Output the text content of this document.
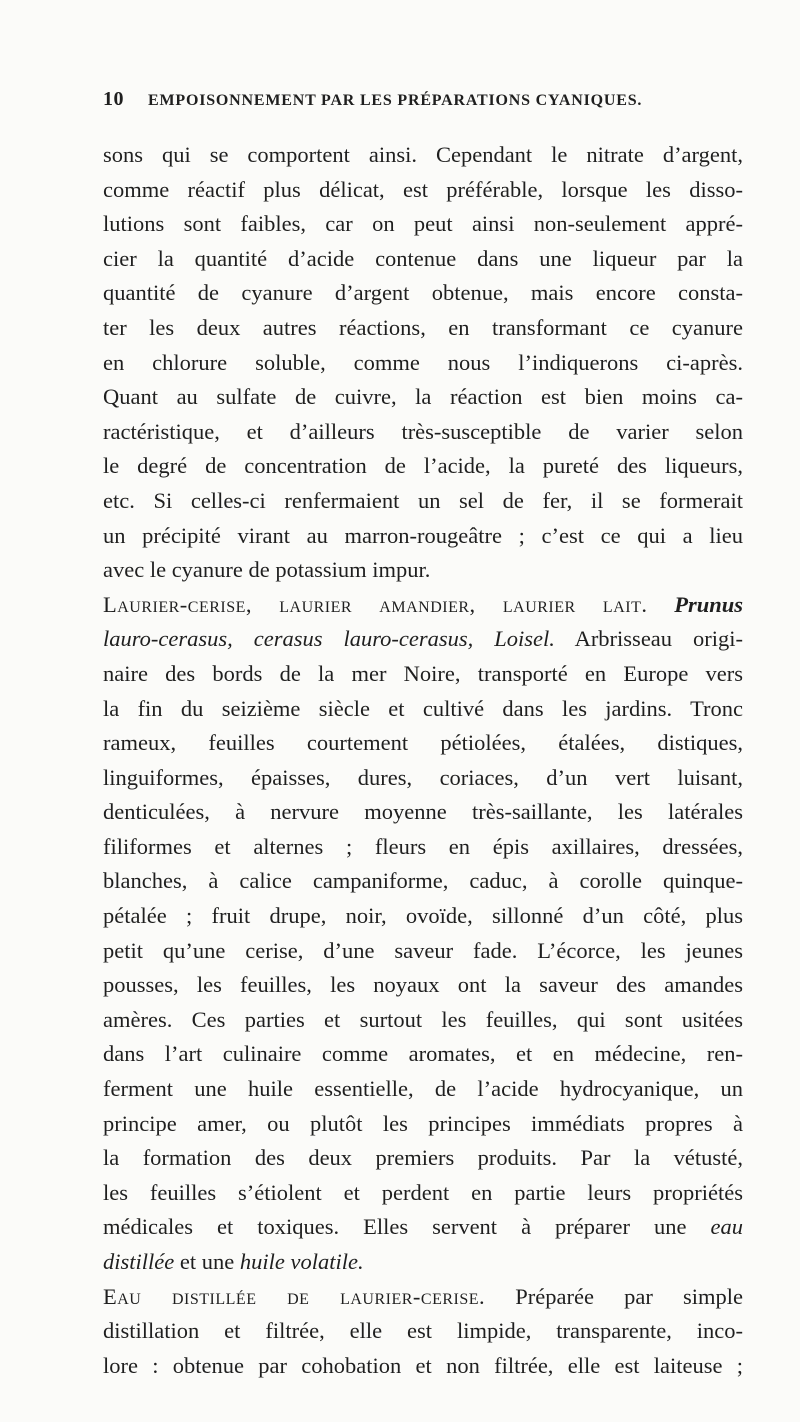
10 EMPOISONNEMENT PAR LES PRÉPARATIONS CYANIQUES.
sons qui se comportent ainsi. Cependant le nitrate d’argent,
comme réactif plus délicat, est préférable, lorsque les disso-
lutions sont faibles, car on peut ainsi non-seulement appré-
cier la quantité d’acide contenue dans une liqueur par la
quantité de cyanure d’argent obtenue, mais encore consta-
ter les deux autres réactions, en transformant ce cyanure
en chlorure soluble, comme nous l’indiquerons ci-après.
Quant au sulfate de cuivre, la réaction est bien moins ca-
ractéristique, et d’ailleurs très-susceptible de varier selon
le degré de concentration de l’acide, la pureté des liqueurs,
etc. Si celles-ci renfermaient un sel de fer, il se formerait
un précipité virant au marron-rougeâtre ; c’est ce qui a lieu
avec le cyanure de potassium impur.
Laurier-cerise, laurier amandier, laurier lait. Prunus
lauro-cerasus, cerasus lauro-cerasus, Loisel. Arbrisseau origi-
naire des bords de la mer Noire, transporté en Europe vers
la fin du seizième siècle et cultivé dans les jardins. Tronc
rameux, feuilles courtement pétiolées, étalées, distiques,
linguiformes, épaisses, dures, coriaces, d’un vert luisant,
denticulées, à nervure moyenne très-saillante, les latérales
filiformes et alternes ; fleurs en épis axillaires, dressées,
blanches, à calice campaniforme, caduc, à corolle quinque-
pétalée ; fruit drupe, noir, ovoïde, sillonné d’un côté, plus
petit qu’une cerise, d’une saveur fade. L’écorce, les jeunes
pousses, les feuilles, les noyaux ont la saveur des amandes
amères. Ces parties et surtout les feuilles, qui sont usitées
dans l’art culinaire comme aromates, et en médecine, ren-
ferment une huile essentielle, de l’acide hydrocyanique, un
principe amer, ou plutôt les principes immédiats propres à
la formation des deux premiers produits. Par la vétusté,
les feuilles s’étiolent et perdent en partie leurs propriétés
médicales et toxiques. Elles servent à préparer une eau
distillée et une huile volatile.
Eau distillée de laurier-cerise. Préparée par simple
distillation et filtrée, elle est limpide, transparente, inco-
lore : obtenue par cohobation et non filtrée, elle est laiteuse ;
